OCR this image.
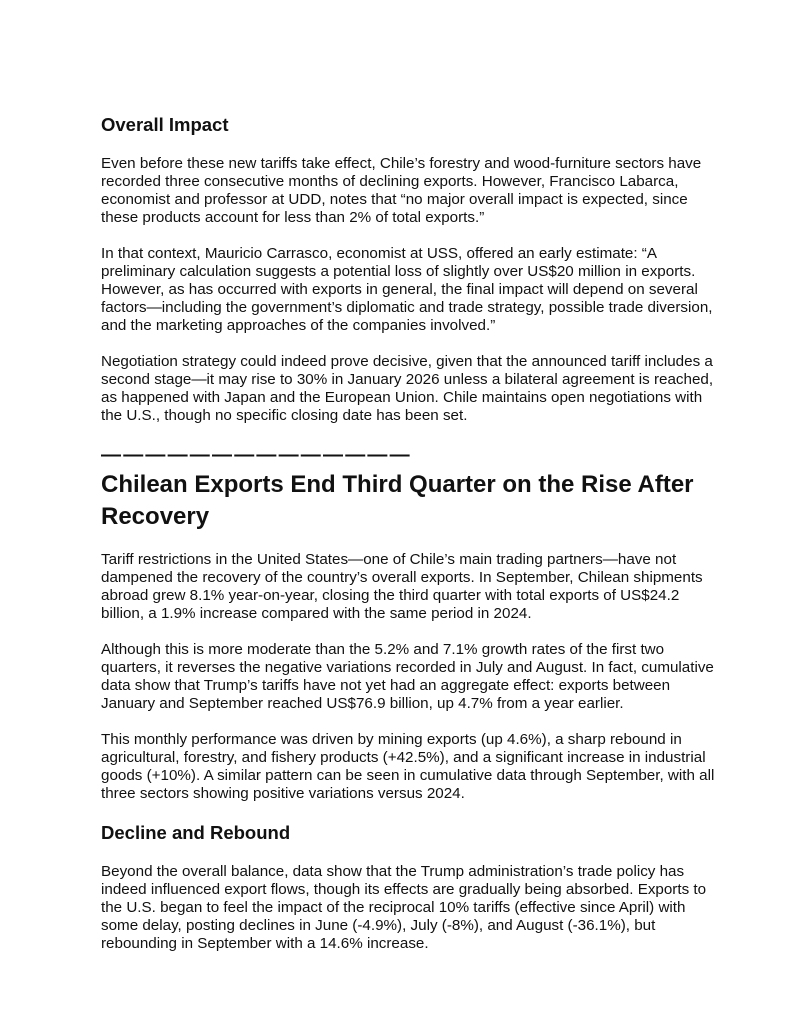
Overall Impact

Even before these new tariffs take effect, Chile’s forestry and wood-furniture sectors have recorded three consecutive months of declining exports. However, Francisco Labarca, economist and professor at UDD, notes that “no major overall impact is expected, since these products account for less than 2% of total exports.”

In that context, Mauricio Carrasco, economist at USS, offered an early estimate: “A preliminary calculation suggests a potential loss of slightly over US$20 million in exports. However, as has occurred with exports in general, the final impact will depend on several factors—including the government’s diplomatic and trade strategy, possible trade diversion, and the marketing approaches of the companies involved.”

Negotiation strategy could indeed prove decisive, given that the announced tariff includes a second stage—it may rise to 30% in January 2026 unless a bilateral agreement is reached, as happened with Japan and the European Union. Chile maintains open negotiations with the U.S., though no specific closing date has been set.

——————————————
Chilean Exports End Third Quarter on the Rise After Recovery

Tariff restrictions in the United States—one of Chile’s main trading partners—have not dampened the recovery of the country’s overall exports. In September, Chilean shipments abroad grew 8.1% year-on-year, closing the third quarter with total exports of US$24.2 billion, a 1.9% increase compared with the same period in 2024.

Although this is more moderate than the 5.2% and 7.1% growth rates of the first two quarters, it reverses the negative variations recorded in July and August. In fact, cumulative data show that Trump’s tariffs have not yet had an aggregate effect: exports between January and September reached US$76.9 billion, up 4.7% from a year earlier.

This monthly performance was driven by mining exports (up 4.6%), a sharp rebound in agricultural, forestry, and fishery products (+42.5%), and a significant increase in industrial goods (+10%). A similar pattern can be seen in cumulative data through September, with all three sectors showing positive variations versus 2024.

Decline and Rebound

Beyond the overall balance, data show that the Trump administration’s trade policy has indeed influenced export flows, though its effects are gradually being absorbed. Exports to the U.S. began to feel the impact of the reciprocal 10% tariffs (effective since April) with some delay, posting declines in June (-4.9%), July (-8%), and August (-36.1%), but rebounding in September with a 14.6% increase.
